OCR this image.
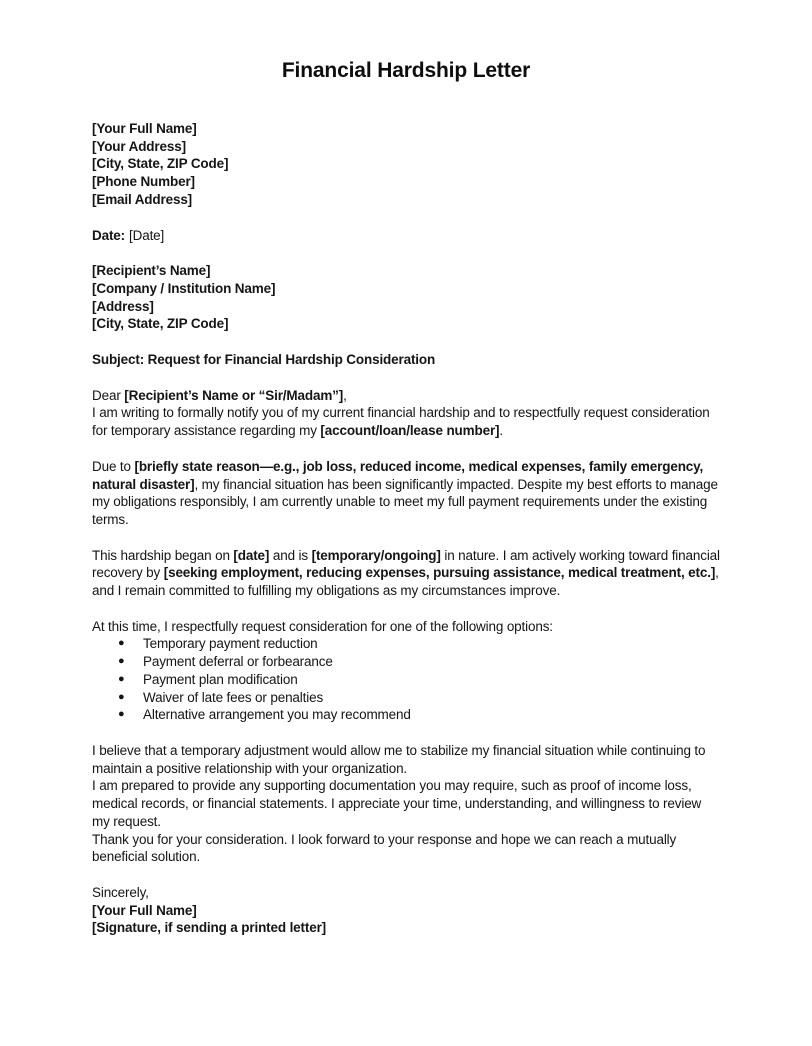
Financial Hardship Letter
[Your Full Name]
[Your Address]
[City, State, ZIP Code]
[Phone Number]
[Email Address]
Date: [Date]
[Recipient’s Name]
[Company / Institution Name]
[Address]
[City, State, ZIP Code]
Subject: Request for Financial Hardship Consideration
Dear [Recipient’s Name or “Sir/Madam”],
I am writing to formally notify you of my current financial hardship and to respectfully request consideration for temporary assistance regarding my [account/loan/lease number].
Due to [briefly state reason—e.g., job loss, reduced income, medical expenses, family emergency, natural disaster], my financial situation has been significantly impacted. Despite my best efforts to manage my obligations responsibly, I am currently unable to meet my full payment requirements under the existing terms.
This hardship began on [date] and is [temporary/ongoing] in nature. I am actively working toward financial recovery by [seeking employment, reducing expenses, pursuing assistance, medical treatment, etc.], and I remain committed to fulfilling my obligations as my circumstances improve.
At this time, I respectfully request consideration for one of the following options:
●	Temporary payment reduction
●	Payment deferral or forbearance
●	Payment plan modification
●	Waiver of late fees or penalties
●	Alternative arrangement you may recommend
I believe that a temporary adjustment would allow me to stabilize my financial situation while continuing to maintain a positive relationship with your organization.
I am prepared to provide any supporting documentation you may require, such as proof of income loss, medical records, or financial statements. I appreciate your time, understanding, and willingness to review my request.
Thank you for your consideration. I look forward to your response and hope we can reach a mutually beneficial solution.
Sincerely,
[Your Full Name]
[Signature, if sending a printed letter]
